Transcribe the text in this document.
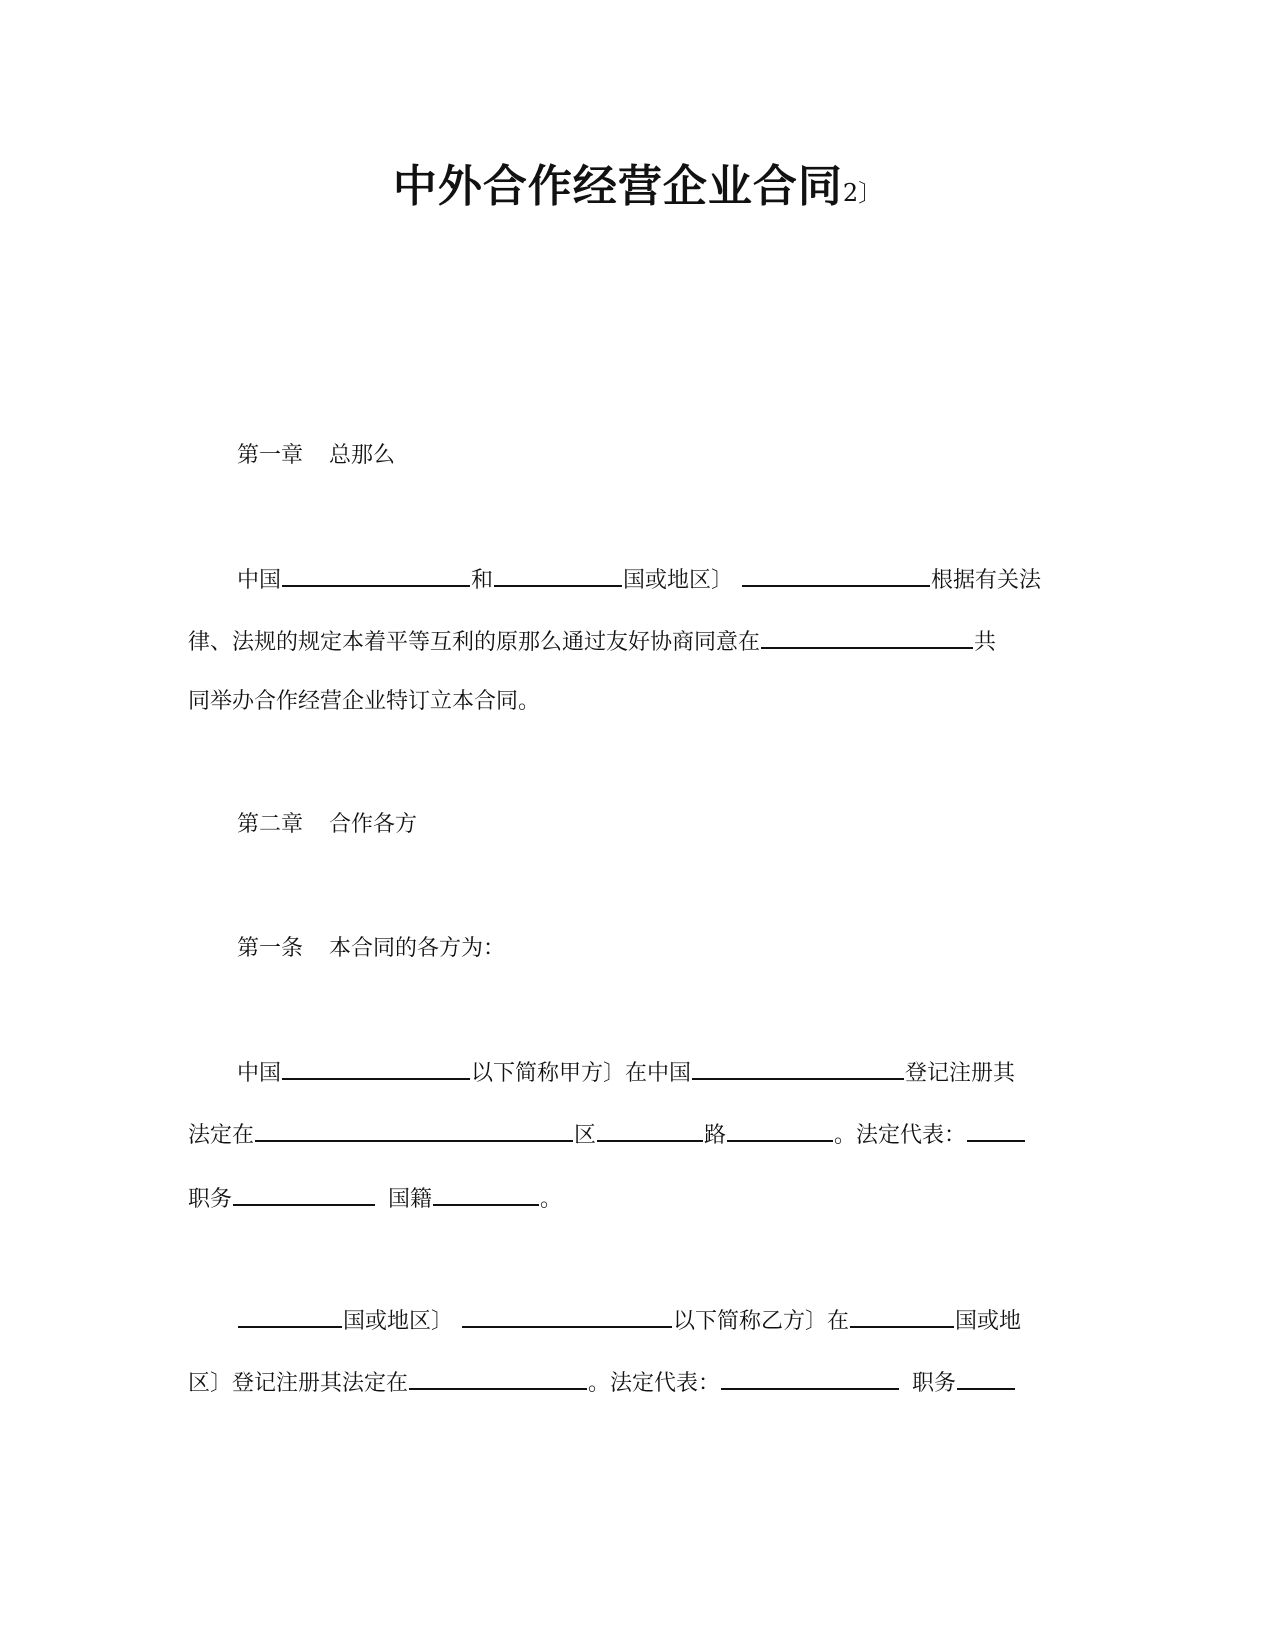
中外合作经营企业合同2〕
第一章 总那么
中国	和	国或地区〕	根据有关法
律、法规的规定本着平等互利的原那么通过友好协商同意在	共
同举办合作经营企业特订立本合同。
第二章 合作各方
第一条 本合同的各方为：
中国	以下简称甲方〕在中国	登记注册其
法定在	区	路	。法定代表：
职务	国籍	。
国或地区〕	以下简称乙方〕在	国或地
区〕登记注册其法定在	。法定代表：	职务
